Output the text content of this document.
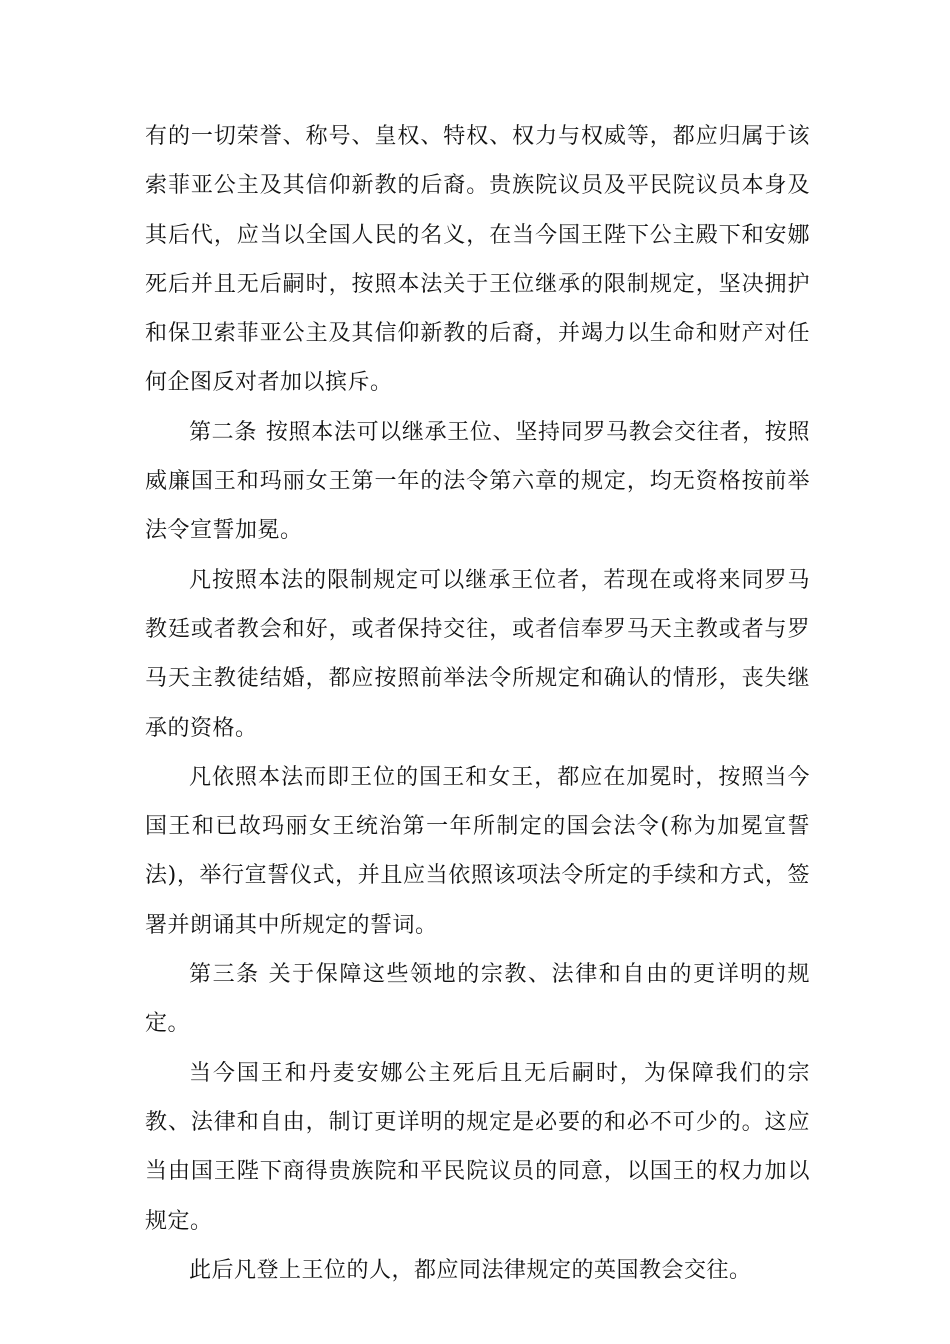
有的一切荣誉、称号、皇权、特权、权力与权威等，都应归属于该索菲亚公主及其信仰新教的后裔。贵族院议员及平民院议员本身及其后代，应当以全国人民的名义，在当今国王陛下公主殿下和安娜死后并且无后嗣时，按照本法关于王位继承的限制规定，坚决拥护和保卫索菲亚公主及其信仰新教的后裔，并竭力以生命和财产对任何企图反对者加以摈斥。

第二条 按照本法可以继承王位、坚持同罗马教会交往者，按照威廉国王和玛丽女王第一年的法令第六章的规定，均无资格按前举法令宣誓加冕。

凡按照本法的限制规定可以继承王位者，若现在或将来同罗马教廷或者教会和好，或者保持交往，或者信奉罗马天主教或者与罗马天主教徒结婚，都应按照前举法令所规定和确认的情形，丧失继承的资格。

凡依照本法而即王位的国王和女王，都应在加冕时，按照当今国王和已故玛丽女王统治第一年所制定的国会法令(称为加冕宣誓法)，举行宣誓仪式，并且应当依照该项法令所定的手续和方式，签署并朗诵其中所规定的誓词。

第三条 关于保障这些领地的宗教、法律和自由的更详明的规定。

当今国王和丹麦安娜公主死后且无后嗣时，为保障我们的宗教、法律和自由，制订更详明的规定是必要的和必不可少的。这应当由国王陛下商得贵族院和平民院议员的同意，以国王的权力加以规定。

此后凡登上王位的人，都应同法律规定的英国教会交往。
